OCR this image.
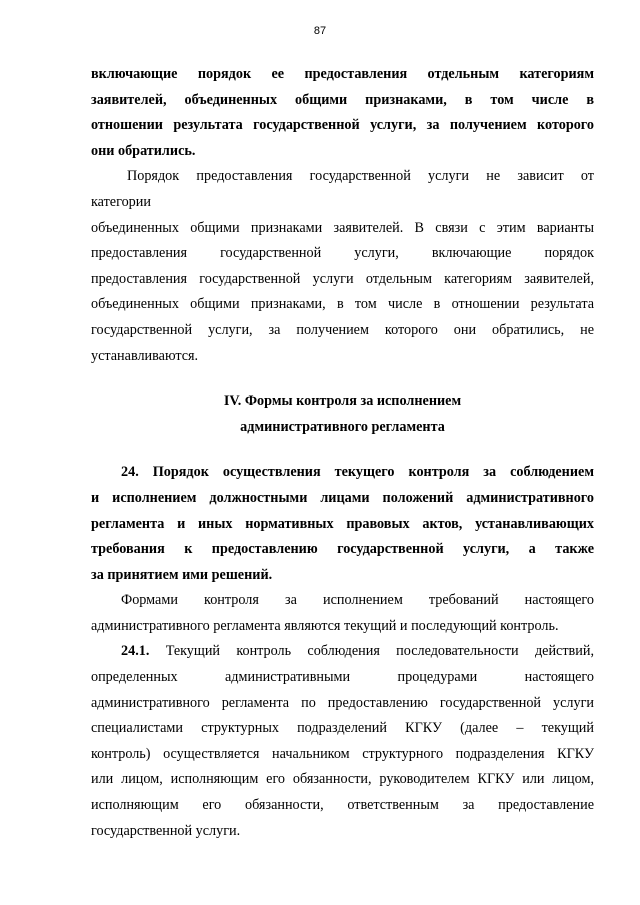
87
включающие порядок ее предоставления отдельным категориям
заявителей, объединенных общими признаками, в том числе в
отношении результата государственной услуги, за получением которого
они обратились.
Порядок предоставления государственной услуги не зависит от
категории
объединенных общими признаками заявителей. В связи с этим варианты
предоставления государственной услуги, включающие порядок
предоставления государственной услуги отдельным категориям заявителей,
объединенных общими признаками, в том числе в отношении результата
государственной услуги, за получением которого они обратились, не
устанавливаются.
IV. Формы контроля за исполнением
административного регламента
24. Порядок осуществления текущего контроля за соблюдением
и исполнением должностными лицами положений административного
регламента и иных нормативных правовых актов, устанавливающих
требования к предоставлению государственной услуги, а также
за принятием ими решений.
Формами контроля за исполнением требований настоящего
административного регламента являются текущий и последующий контроль.
24.1. Текущий контроль соблюдения последовательности действий,
определенных административными процедурами настоящего
административного регламента по предоставлению государственной услуги
специалистами структурных подразделений КГКУ (далее – текущий
контроль) осуществляется начальником структурного подразделения КГКУ
или лицом, исполняющим его обязанности, руководителем КГКУ или лицом,
исполняющим его обязанности, ответственным за предоставление
государственной услуги.
